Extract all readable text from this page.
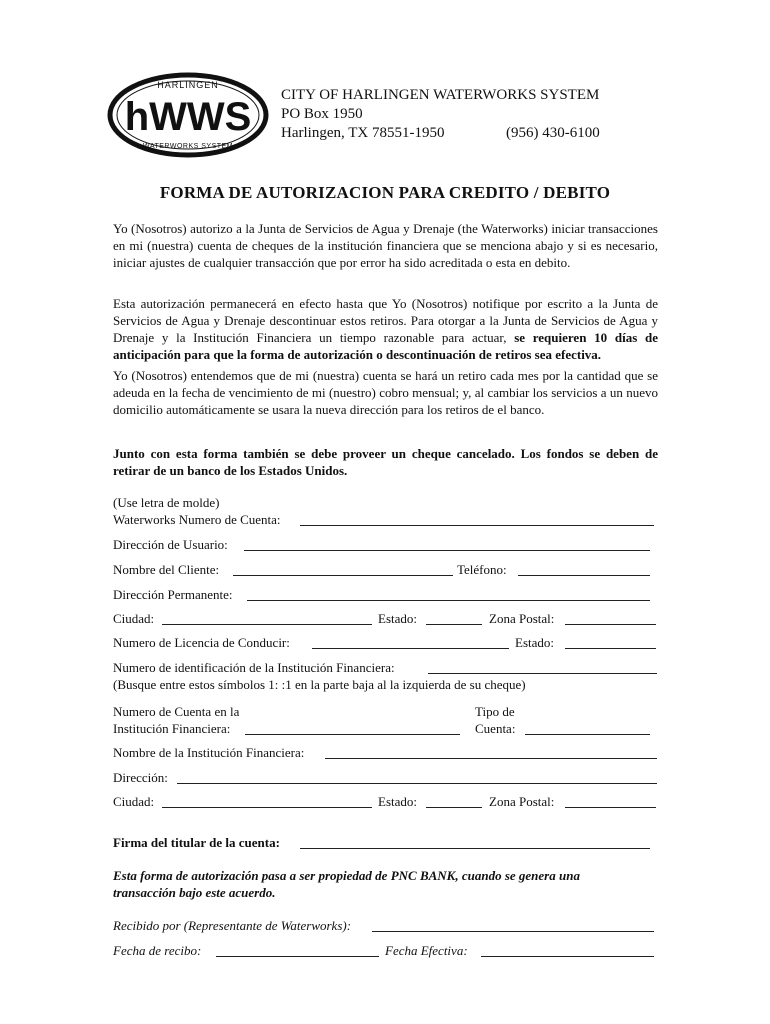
HARLINGEN
hWWS
WATERWORKS SYSTEM
CITY OF HARLINGEN WATERWORKS SYSTEM
PO Box 1950
Harlingen, TX 78551-1950	(956) 430-6100
FORMA DE AUTORIZACION PARA CREDITO / DEBITO
Yo (Nosotros) autorizo a la Junta de Servicios de Agua y Drenaje (the Waterworks) iniciar transacciones en mi (nuestra) cuenta de cheques de la institución financiera que se menciona abajo y si es necesario, iniciar ajustes de cualquier transacción que por error ha sido acreditada o esta en debito.
Esta autorización permanecerá en efecto hasta que Yo (Nosotros) notifique por escrito a la Junta de Servicios de Agua y Drenaje descontinuar estos retiros. Para otorgar a la Junta de Servicios de Agua y Drenaje y la Institución Financiera un tiempo razonable para actuar, se requieren 10 días de anticipación para que la forma de autorización o descontinuación de retiros sea efectiva.
Yo (Nosotros) entendemos que de mi (nuestra) cuenta se hará un retiro cada mes por la cantidad que se adeuda en la fecha de vencimiento de mi (nuestro) cobro mensual; y, al cambiar los servicios a un nuevo domicilio automáticamente se usara la nueva dirección para los retiros de el banco.
Junto con esta forma también se debe proveer un cheque cancelado. Los fondos se deben de retirar de un banco de los Estados Unidos.
(Use letra de molde)
Waterworks Numero de Cuenta:
Dirección de Usuario:
Nombre del Cliente:	Teléfono:
Dirección Permanente:
Ciudad:	Estado:	Zona Postal:
Numero de Licencia de Conducir:	Estado:
Numero de identificación de la Institución Financiera:
(Busque entre estos símbolos 1: :1 en la parte baja al la izquierda de su cheque)
Numero de Cuenta en la
Institución Financiera:
Tipo de
Cuenta:
Nombre de la Institución Financiera:
Dirección:
Ciudad:	Estado:	Zona Postal:
Firma del titular de la cuenta:
Esta forma de autorización pasa a ser propiedad de PNC BANK, cuando se genera una transacción bajo este acuerdo.
Recibido por (Representante de Waterworks):
Fecha de recibo:	Fecha Efectiva:
